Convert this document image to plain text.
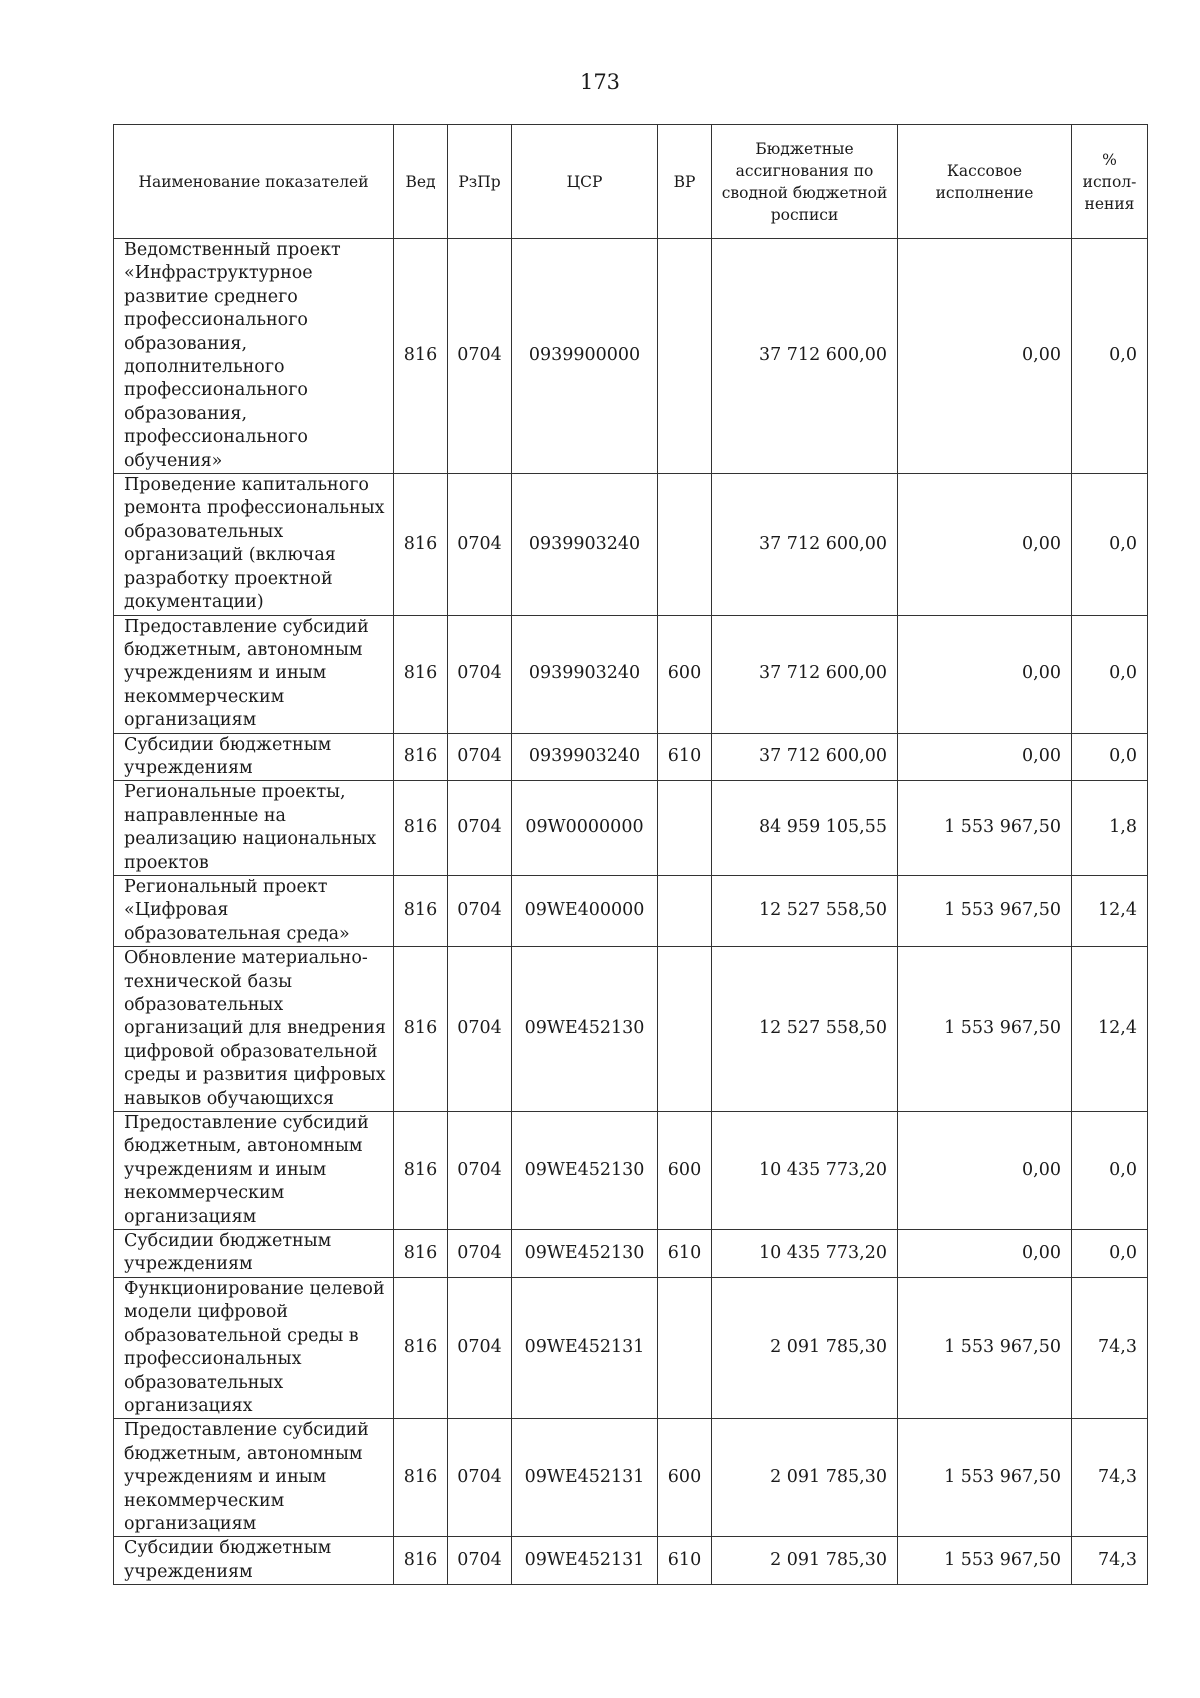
173
Наименование показателей	Вед	РзПр	ЦСР	ВР	Бюджетные ассигнования по сводной бюджетной росписи	Кассовое исполнение	% испол-нения
Ведомственный проект «Инфраструктурное развитие среднего профессионального образования, дополнительного профессионального образования, профессионального обучения»	816	0704	0939900000		37 712 600,00	0,00	0,0
Проведение капитального ремонта профессиональных образовательных организаций (включая разработку проектной документации)	816	0704	0939903240		37 712 600,00	0,00	0,0
Предоставление субсидий бюджетным, автономным учреждениям и иным некоммерческим организациям	816	0704	0939903240	600	37 712 600,00	0,00	0,0
Субсидии бюджетным учреждениям	816	0704	0939903240	610	37 712 600,00	0,00	0,0
Региональные проекты, направленные на реализацию национальных проектов	816	0704	09W0000000		84 959 105,55	1 553 967,50	1,8
Региональный проект «Цифровая образовательная среда»	816	0704	09WE400000		12 527 558,50	1 553 967,50	12,4
Обновление материально-технической базы образовательных организаций для внедрения цифровой образовательной среды и развития цифровых навыков обучающихся	816	0704	09WE452130		12 527 558,50	1 553 967,50	12,4
Предоставление субсидий бюджетным, автономным учреждениям и иным некоммерческим организациям	816	0704	09WE452130	600	10 435 773,20	0,00	0,0
Субсидии бюджетным учреждениям	816	0704	09WE452130	610	10 435 773,20	0,00	0,0
Функционирование целевой модели цифровой образовательной среды в профессиональных образовательных организациях	816	0704	09WE452131		2 091 785,30	1 553 967,50	74,3
Предоставление субсидий бюджетным, автономным учреждениям и иным некоммерческим организациям	816	0704	09WE452131	600	2 091 785,30	1 553 967,50	74,3
Субсидии бюджетным учреждениям	816	0704	09WE452131	610	2 091 785,30	1 553 967,50	74,3
